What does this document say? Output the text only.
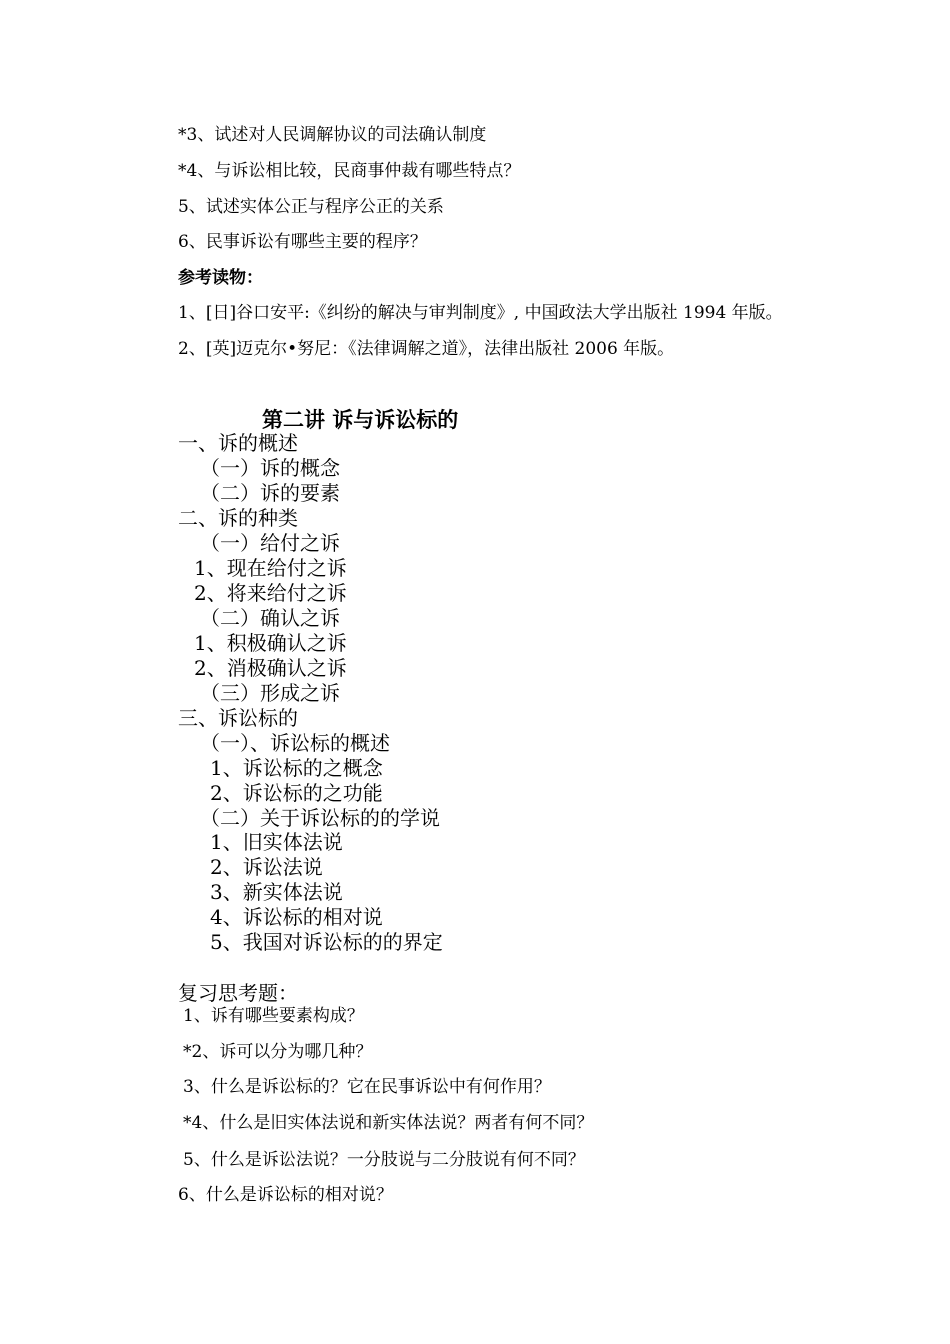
*3、试述对人民调解协议的司法确认制度
*4、与诉讼相比较，民商事仲裁有哪些特点？
5、试述实体公正与程序公正的关系
6、民事诉讼有哪些主要的程序？
参考读物：
1、[日]谷口安平:《纠纷的解决与审判制度》, 中国政法大学出版社 1994 年版。
2、[英]迈克尔•努尼：《法律调解之道》，法律出版社 2006 年版。
第二讲 诉与诉讼标的
一、诉的概述
（一）诉的概念
（二）诉的要素
二、诉的种类
（一）给付之诉
1、现在给付之诉
2、将来给付之诉
（二）确认之诉
1、积极确认之诉
2、消极确认之诉
（三）形成之诉
三、诉讼标的
（一）、诉讼标的概述
1、诉讼标的之概念
2、诉讼标的之功能
（二）关于诉讼标的的学说
1、旧实体法说
2、诉讼法说
3、新实体法说
4、诉讼标的相对说
5、我国对诉讼标的的界定
复习思考题：
1、诉有哪些要素构成？
*2、诉可以分为哪几种？
3、什么是诉讼标的？它在民事诉讼中有何作用？
*4、什么是旧实体法说和新实体法说？两者有何不同？
5、什么是诉讼法说？一分肢说与二分肢说有何不同？
6、什么是诉讼标的相对说？
